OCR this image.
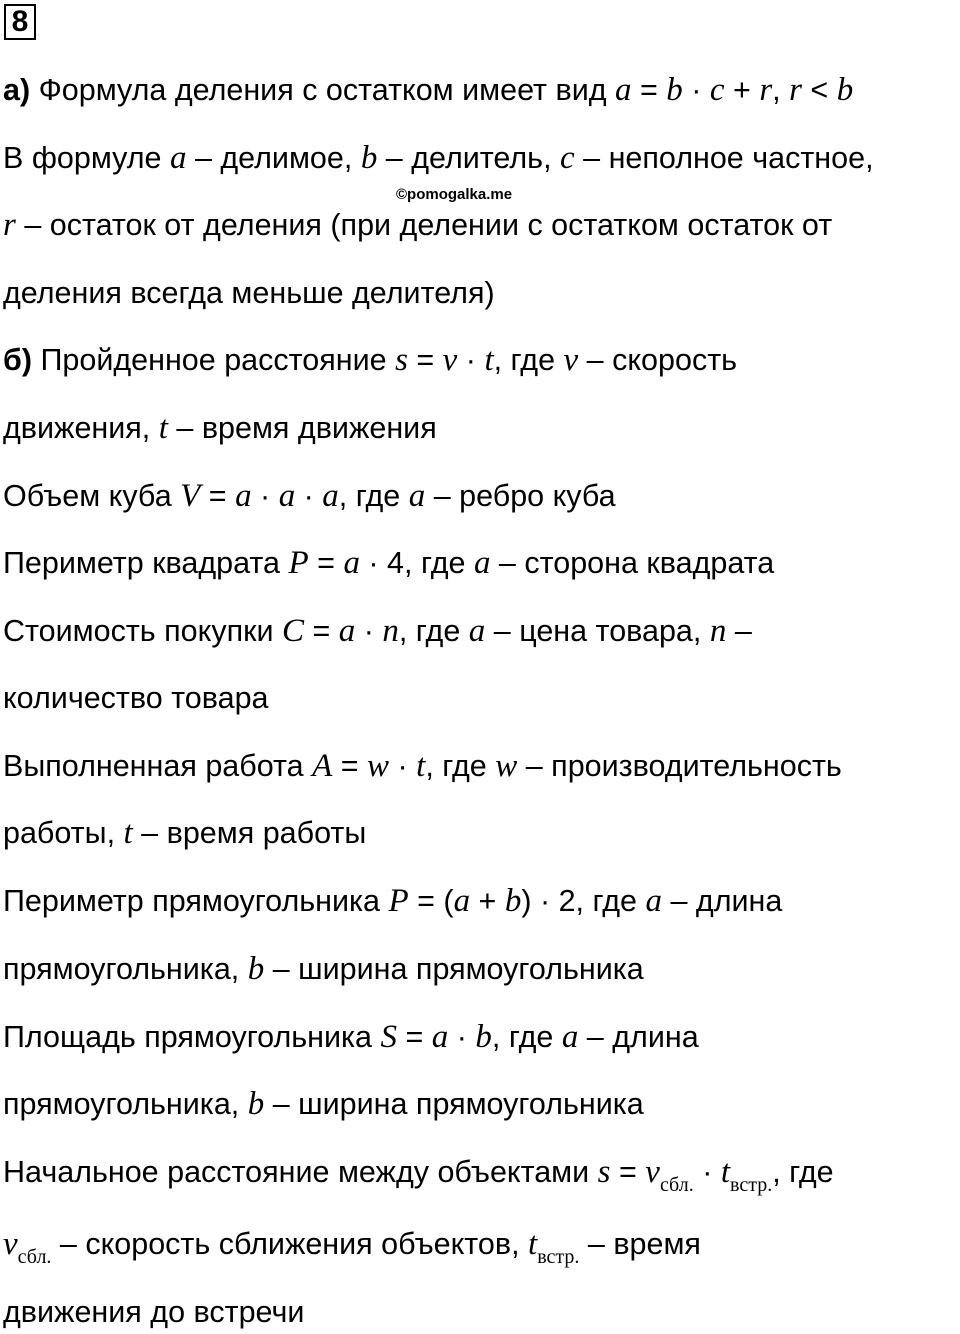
8
©pomogalka.me
а) Формула деления с остатком имеет вид a = b · c + r, r < b
В формуле a – делимое, b – делитель, c – неполное частное,
r – остаток от деления (при делении с остатком остаток от
деления всегда меньше делителя)
б) Пройденное расстояние s = v · t, где v – скорость
движения, t – время движения
Объем куба V = a · a · a, где a – ребро куба
Периметр квадрата P = a · 4, где a – сторона квадрата
Стоимость покупки C = a · n, где a – цена товара, n –
количество товара
Выполненная работа A = w · t, где w – производительность
работы, t – время работы
Периметр прямоугольника P = (a + b) · 2, где a – длина
прямоугольника, b – ширина прямоугольника
Площадь прямоугольника S = a · b, где a – длина
прямоугольника, b – ширина прямоугольника
Начальное расстояние между объектами $s = v_{сбл.} \cdot t_{встр.}$, где
$v_{сбл.}$ – скорость сближения объектов, $t_{встр.}$ – время
движения до встречи
